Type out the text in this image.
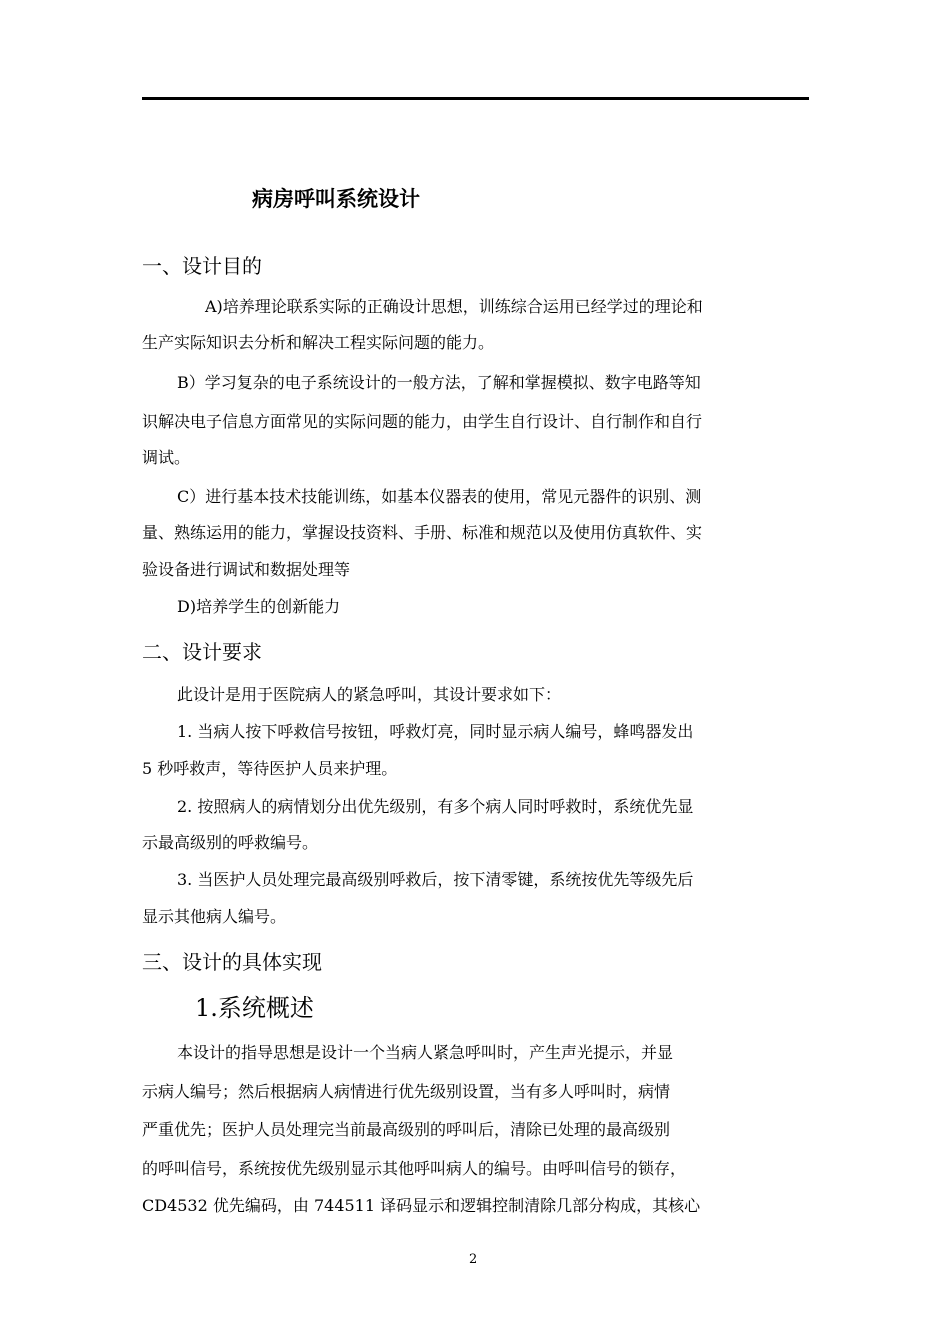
病房呼叫系统设计
一、设计目的
A)培养理论联系实际的正确设计思想，训练综合运用已经学过的理论和
生产实际知识去分析和解决工程实际问题的能力。
B）学习复杂的电子系统设计的一般方法，了解和掌握模拟、数字电路等知
识解决电子信息方面常见的实际问题的能力，由学生自行设计、自行制作和自行
调试。
C）进行基本技术技能训练，如基本仪器表的使用，常见元器件的识别、测
量、熟练运用的能力，掌握设技资料、手册、标准和规范以及使用仿真软件、实
验设备进行调试和数据处理等
D)培养学生的创新能力
二、设计要求
此设计是用于医院病人的紧急呼叫，其设计要求如下：
1. 当病人按下呼救信号按钮，呼救灯亮，同时显示病人编号，蜂鸣器发出
5 秒呼救声，等待医护人员来护理。
2. 按照病人的病情划分出优先级别，有多个病人同时呼救时，系统优先显
示最高级别的呼救编号。
3. 当医护人员处理完最高级别呼救后，按下清零键，系统按优先等级先后
显示其他病人编号。
三、设计的具体实现
1.系统概述
本设计的指导思想是设计一个当病人紧急呼叫时，产生声光提示，并显
示病人编号；然后根据病人病情进行优先级别设置，当有多人呼叫时，病情
严重优先；医护人员处理完当前最高级别的呼叫后，清除已处理的最高级别
的呼叫信号，系统按优先级别显示其他呼叫病人的编号。由呼叫信号的锁存，
CD4532 优先编码，由 744511 译码显示和逻辑控制清除几部分构成，其核心
2
